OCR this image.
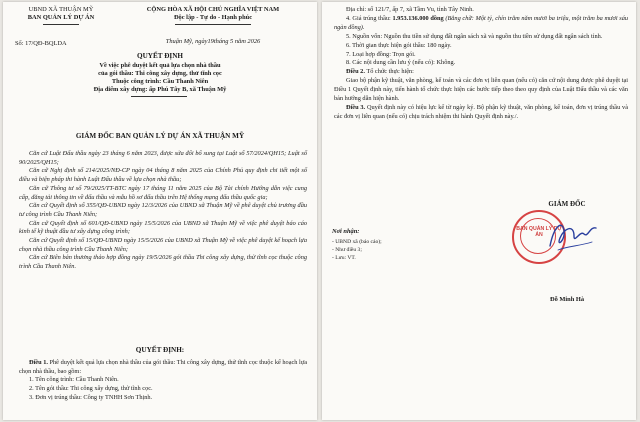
UBND XÃ THUẬN MỸ
BAN QUẢN LÝ DỰ ÁN
Số: 17/QĐ-BQLDA
CỘNG HÒA XÃ HỘI CHỦ NGHĨA VIỆT NAM
Độc lập - Tự do - Hạnh phúc
Thuận Mỹ, ngày19tháng 5 năm 2026
QUYẾT ĐỊNH
Về việc phê duyệt kết quả lựa chọn nhà thầu
của gói thầu: Thi công xây dựng, thử tĩnh cọc
Thuộc công trình: Cầu Thanh Niên
Địa điểm xây dựng: ấp Phú Tây B, xã Thuận Mỹ
GIÁM ĐỐC BAN QUẢN LÝ DỰ ÁN XÃ THUẬN MỸ

Căn cứ Luật Đấu thầu ngày 23 tháng 6 năm 2023, được sửa đổi bổ sung tại Luật số 57/2024/QH15; Luật số 90/2025/QH15;

Căn cứ Nghị định số 214/2025/NĐ-CP ngày 04 tháng 8 năm 2025 của Chính Phủ quy định chi tiết một số điều và biện pháp thi hành Luật Đấu thầu về lựa chọn nhà thầu;

Căn cứ Thông tư số 79/2025/TT-BTC ngày 17 tháng 11 năm 2025 của Bộ Tài chính Hướng dẫn việc cung cấp, đăng tải thông tin về đấu thầu và mẫu hồ sơ đấu thầu trên Hệ thống mạng đấu thầu quốc gia;

Căn cứ Quyết định số 355/QĐ-UBND ngày 12/3/2026 của UBND xã Thuận Mỹ về phê duyệt chủ trương đầu tư công trình Cầu Thanh Niên;

Căn cứ Quyết định số 601/QĐ-UBND ngày 15/5/2026 của UBND xã Thuận Mỹ về việc phê duyệt báo cáo kinh tế kỹ thuật đầu tư xây dựng công trình;

Căn cứ Quyết định số 15/QĐ-UBND ngày 15/5/2026 của UBND xã Thuận Mỹ về việc phê duyệt kế hoạch lựa chọn nhà thầu công trình Cầu Thanh Niên;

Căn cứ Biên bản thương thảo hợp đồng ngày 19/5/2026 gói thầu Thi công xây dựng, thử tĩnh cọc thuộc công trình Cầu Thanh Niên.

QUYẾT ĐỊNH:

Điều 1. Phê duyệt kết quả lựa chọn nhà thầu của gói thầu: Thi công xây dựng, thử tĩnh cọc thuộc kế hoạch lựa chọn nhà thầu, bao gồm:

1. Tên công trình: Cầu Thanh Niên.

2. Tên gói thầu: Thi công xây dựng, thử tĩnh cọc.

3. Đơn vị trúng thầu: Công ty TNHH Sơn Thịnh.

Địa chỉ: số 121/7, ấp 7, xã Tầm Vu, tỉnh Tây Ninh.

4. Giá trúng thầu: 1.953.136.000 đồng (Bằng chữ: Một tỷ, chín trăm năm mươi ba triệu, một trăm ba mươi sáu ngàn đồng).

5. Nguồn vốn: Nguồn thu tiền sử dụng đất ngân sách xã và nguồn thu tiền sử dụng đất ngân sách tỉnh.

6. Thời gian thực hiện gói thầu: 180 ngày.

7. Loại hợp đồng: Trọn gói.

8. Các nội dung cần lưu ý (nếu có): Không.

Điều 2. Tổ chức thực hiện:

Giao bộ phận kỹ thuật, văn phòng, kế toán và các đơn vị liên quan (nếu có) căn cứ nội dung được phê duyệt tại Điều 1 Quyết định này, tiến hành tổ chức thực hiện các bước tiếp theo theo quy định của Luật Đấu thầu và các văn bản hướng dẫn hiện hành.

Điều 3. Quyết định này có hiệu lực kể từ ngày ký. Bộ phận kỹ thuật, văn phòng, kế toán, đơn vị trúng thầu và các đơn vị liên quan (nếu có) chịu trách nhiệm thi hành Quyết định này./.

Nơi nhận:
- UBND xã (báo cáo);
- Như điều 3;
- Lưu: VT.
GIÁM ĐỐC
BAN QUẢN LÝ DỰ ÁN
Đỗ Minh Hà
